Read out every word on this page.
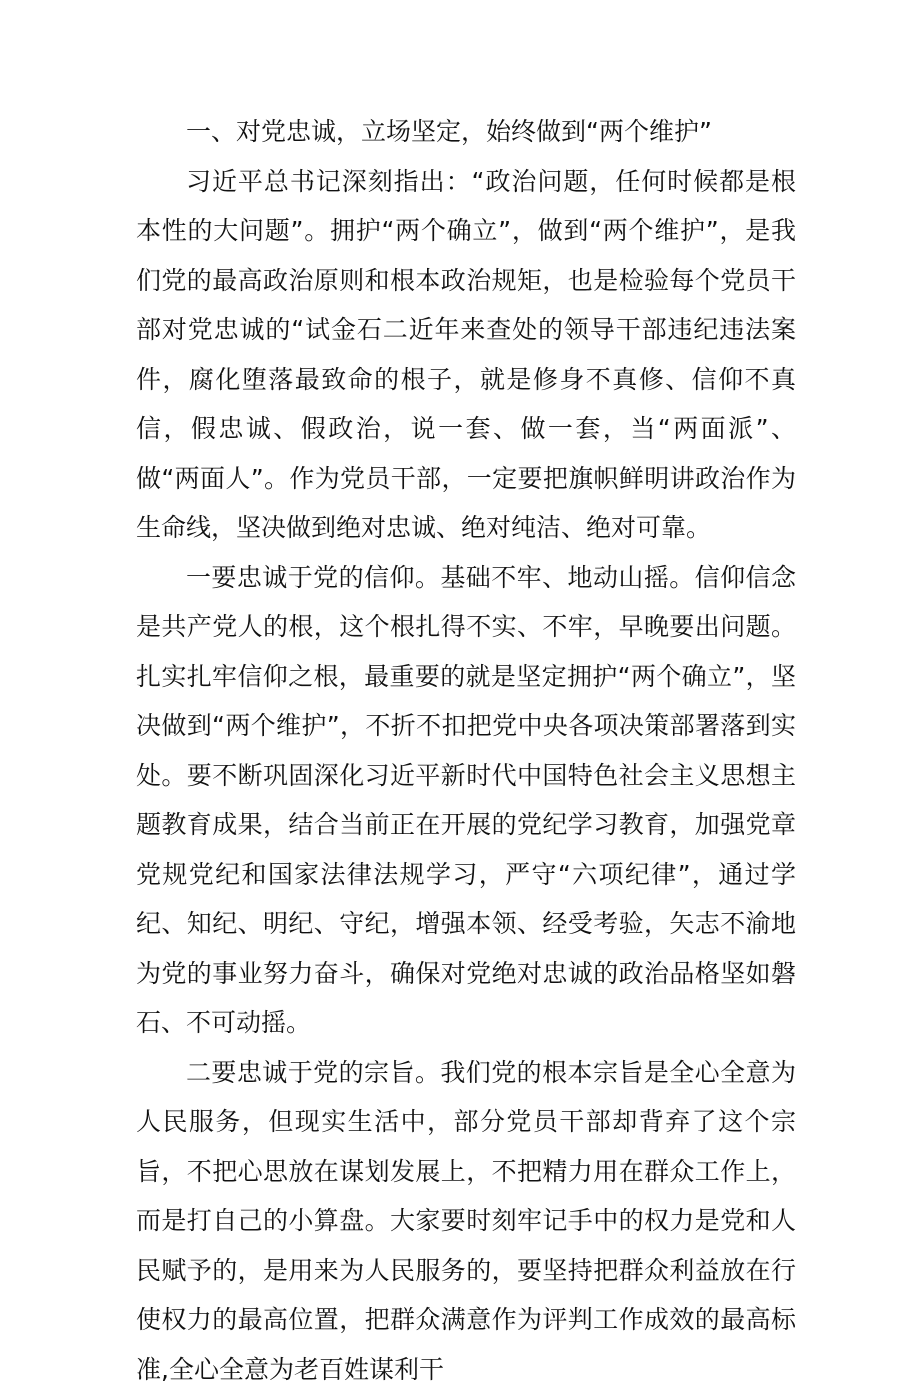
一、对党忠诚，立场坚定，始终做到“两个维护”

习近平总书记深刻指出：“政治问题，任何时候都是根本性的大问题”。拥护“两个确立”，做到“两个维护”，是我们党的最高政治原则和根本政治规矩，也是检验每个党员干部对党忠诚的“试金石二近年来查处的领导干部违纪违法案件，腐化堕落最致命的根子，就是修身不真修、信仰不真信，假忠诚、假政治，说一套、做一套，当“两面派”、做“两面人”。作为党员干部，一定要把旗帜鲜明讲政治作为生命线，坚决做到绝对忠诚、绝对纯洁、绝对可靠。

一要忠诚于党的信仰。基础不牢、地动山摇。信仰信念是共产党人的根，这个根扎得不实、不牢，早晚要出问题。扎实扎牢信仰之根，最重要的就是坚定拥护“两个确立”，坚决做到“两个维护”，不折不扣把党中央各项决策部署落到实处。要不断巩固深化习近平新时代中国特色社会主义思想主题教育成果，结合当前正在开展的党纪学习教育，加强党章党规党纪和国家法律法规学习，严守“六项纪律”，通过学纪、知纪、明纪、守纪，增强本领、经受考验，矢志不渝地为党的事业努力奋斗，确保对党绝对忠诚的政治品格坚如磐石、不可动摇。

二要忠诚于党的宗旨。我们党的根本宗旨是全心全意为人民服务，但现实生活中，部分党员干部却背弃了这个宗旨，不把心思放在谋划发展上，不把精力用在群众工作上，而是打自己的小算盘。大家要时刻牢记手中的权力是党和人民赋予的，是用来为人民服务的，要坚持把群众利益放在行使权力的最高位置，把群众满意作为评判工作成效的最高标准,全心全意为老百姓谋利干
